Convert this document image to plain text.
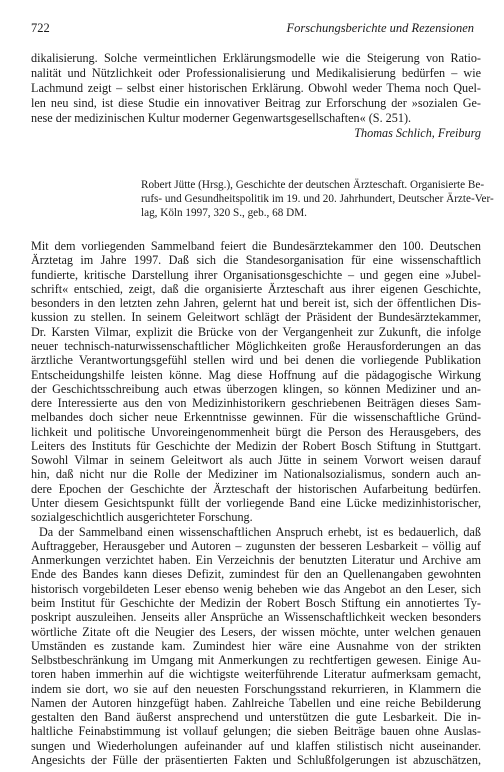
722	Forschungsberichte und Rezensionen
dikalisierung. Solche vermeintlichen Erklärungsmodelle wie die Steigerung von Ratio-
nalität und Nützlichkeit oder Professionalisierung und Medikalisierung bedürfen – wie
Lachmund zeigt – selbst einer historischen Erklärung. Obwohl weder Thema noch Quel-
len neu sind, ist diese Studie ein innovativer Beitrag zur Erforschung der »sozialen Ge-
nese der medizinischen Kultur moderner Gegenwartsgesellschaften« (S. 251).
Thomas Schlich, Freiburg
Robert Jütte (Hrsg.), Geschichte der deutschen Ärzteschaft. Organisierte Be-
rufs- und Gesundheitspolitik im 19. und 20. Jahrhundert, Deutscher Ärzte-Ver-
lag, Köln 1997, 320 S., geb., 68 DM.
Mit dem vorliegenden Sammelband feiert die Bundesärztekammer den 100. Deutschen
Ärztetag im Jahre 1997. Daß sich die Standesorganisation für eine wissenschaftlich
fundierte, kritische Darstellung ihrer Organisationsgeschichte – und gegen eine »Jubel-
schrift« entschied, zeigt, daß die organisierte Ärzteschaft aus ihrer eigenen Geschichte,
besonders in den letzten zehn Jahren, gelernt hat und bereit ist, sich der öffentlichen Dis-
kussion zu stellen. In seinem Geleitwort schlägt der Präsident der Bundesärztekammer,
Dr. Karsten Vilmar, explizit die Brücke von der Vergangenheit zur Zukunft, die infolge
neuer technisch-naturwissenschaftlicher Möglichkeiten große Herausforderungen an das
ärztliche Verantwortungsgefühl stellen wird und bei denen die vorliegende Publikation
Entscheidungshilfe leisten könne. Mag diese Hoffnung auf die pädagogische Wirkung
der Geschichtsschreibung auch etwas überzogen klingen, so können Mediziner und an-
dere Interessierte aus den von Medizinhistorikern geschriebenen Beiträgen dieses Sam-
melbandes doch sicher neue Erkenntnisse gewinnen. Für die wissenschaftliche Gründ-
lichkeit und politische Unvoreingenommenheit bürgt die Person des Herausgebers, des
Leiters des Instituts für Geschichte der Medizin der Robert Bosch Stiftung in Stuttgart.
Sowohl Vilmar in seinem Geleitwort als auch Jütte in seinem Vorwort weisen darauf
hin, daß nicht nur die Rolle der Mediziner im Nationalsozialismus, sondern auch an-
dere Epochen der Geschichte der Ärzteschaft der historischen Aufarbeitung bedürfen.
Unter diesem Gesichtspunkt füllt der vorliegende Band eine Lücke medizinhistorischer,
sozialgeschichtlich ausgerichteter Forschung.
Da der Sammelband einen wissenschaftlichen Anspruch erhebt, ist es bedauerlich, daß
Auftraggeber, Herausgeber und Autoren – zugunsten der besseren Lesbarkeit – völlig auf
Anmerkungen verzichtet haben. Ein Verzeichnis der benutzten Literatur und Archive am
Ende des Bandes kann dieses Defizit, zumindest für den an Quellenangaben gewohnten
historisch vorgebildeten Leser ebenso wenig beheben wie das Angebot an den Leser, sich
beim Institut für Geschichte der Medizin der Robert Bosch Stiftung ein annotiertes Ty-
poskript auszuleihen. Jenseits aller Ansprüche an Wissenschaftlichkeit wecken besonders
wörtliche Zitate oft die Neugier des Lesers, der wissen möchte, unter welchen genauen
Umständen es zustande kam. Zumindest hier wäre eine Ausnahme von der strikten
Selbstbeschränkung im Umgang mit Anmerkungen zu rechtfertigen gewesen. Einige Au-
toren haben immerhin auf die wichtigste weiterführende Literatur aufmerksam gemacht,
indem sie dort, wo sie auf den neuesten Forschungsstand rekurrieren, in Klammern die
Namen der Autoren hinzgefügt haben. Zahlreiche Tabellen und eine reiche Bebilderung
gestalten den Band äußerst ansprechend und unterstützen die gute Lesbarkeit. Die in-
haltliche Feinabstimmung ist vollauf gelungen; die sieben Beiträge bauen ohne Auslas-
sungen und Wiederholungen aufeinander auf und klaffen stilistisch nicht auseinander.
Angesichts der Fülle der präsentierten Fakten und Schlußfolgerungen ist abzuschätzen,
